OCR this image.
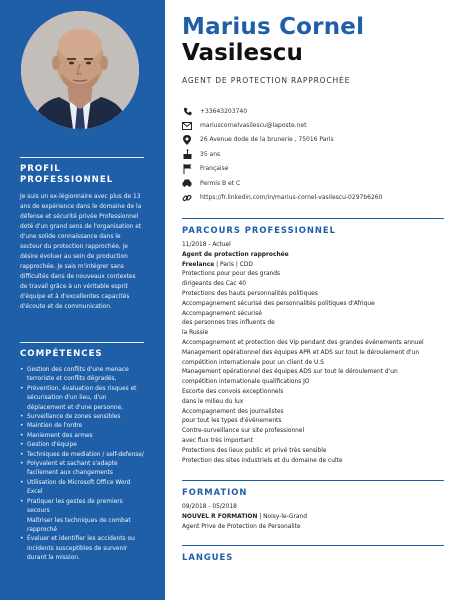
PROFIL PROFESSIONNEL
Je suis un ex-légionnaire avec plus de 13 ans de expérience dans le domaine de la défense et sécurité privée Professionnel doté d'un grand sens de l'organisation et d'une solide connaissance dans le secteur du protection rapprochée, je désire évoluer au sein de production rapprochée. Je sais m'intégrer sans difficultés dans de nouveaux contextes de travail grâce à un véritable esprit d'équipe et à d'excellentes capacités d'écoute et de communication.
COMPÉTENCES
• Gestion des conflits d'une menace terroriste et conflits dégradés,
• Prévention, évaluation des risques et sécurisation d'un lieu, d'un déplacement et d'une personne,
• Surveillance de zones sensibles
• Maintien de l'ordre
• Maniement des armes
• Gestion d'équipe
• Techniques de mediation / self-defense/
• Polyvalent et sachant s'adapte facilement aux changements
• Utilisation de Microsoft Office Word Excel
• Pratiquer les gestes de premiers secours
Maîtriser les techniques de combat rapproché
• Évaluer et identifier les accidents ou incidents susceptibles de survenir durant la mission.
Marius Cornel
Vasilescu
AGENT DE PROTECTION RAPPROCHÉE
+33643203740
mariuscornelvasilescu@laposte.net
26 Avenue dode de la brunerie , 75016 Paris
35 ans
Française
Permis B et C
https://fr.linkedin.com/in/marius-cornel-vasilescu-0297b6260
PARCOURS PROFESSIONNEL
11/2018 - Actuel
Agent de protection rapprochée
Freelance | Paris | CDD
Protections pour pour des grands
dirigeants des Cac 40
Protections des hauts personnalités politiques
Accompagnement sécurisé des personnalités politiques d'Afrique
Accompagnement sécurisé
des personnes tres influents de
la Russie
Accompagnement et protection des Vip pendant des grandes événements annuel
Management opérationnel des équipes APR et ADS sur tout le déroulement d'un
compétition internationale pour un client de U.S
Management opérationnel des équipes ADS sur tout le déroulement d'un
compétition internationale qualifications JO
Escorte des convois exceptionnels
dans le milieu du lux
Accompagnement des journalistes
pour tout les types d'événements
Contre-surveillance sur site professionnel
avec flux très important
Protections des lieux public et privé très sensible
Protection des sites industriels et du domaine de culte
FORMATION
09/2018 - 05/2018
NOUVEL R FORMATION | Noisy-le-Grand
Agent Prive de Protection de Personalite
LANGUES
